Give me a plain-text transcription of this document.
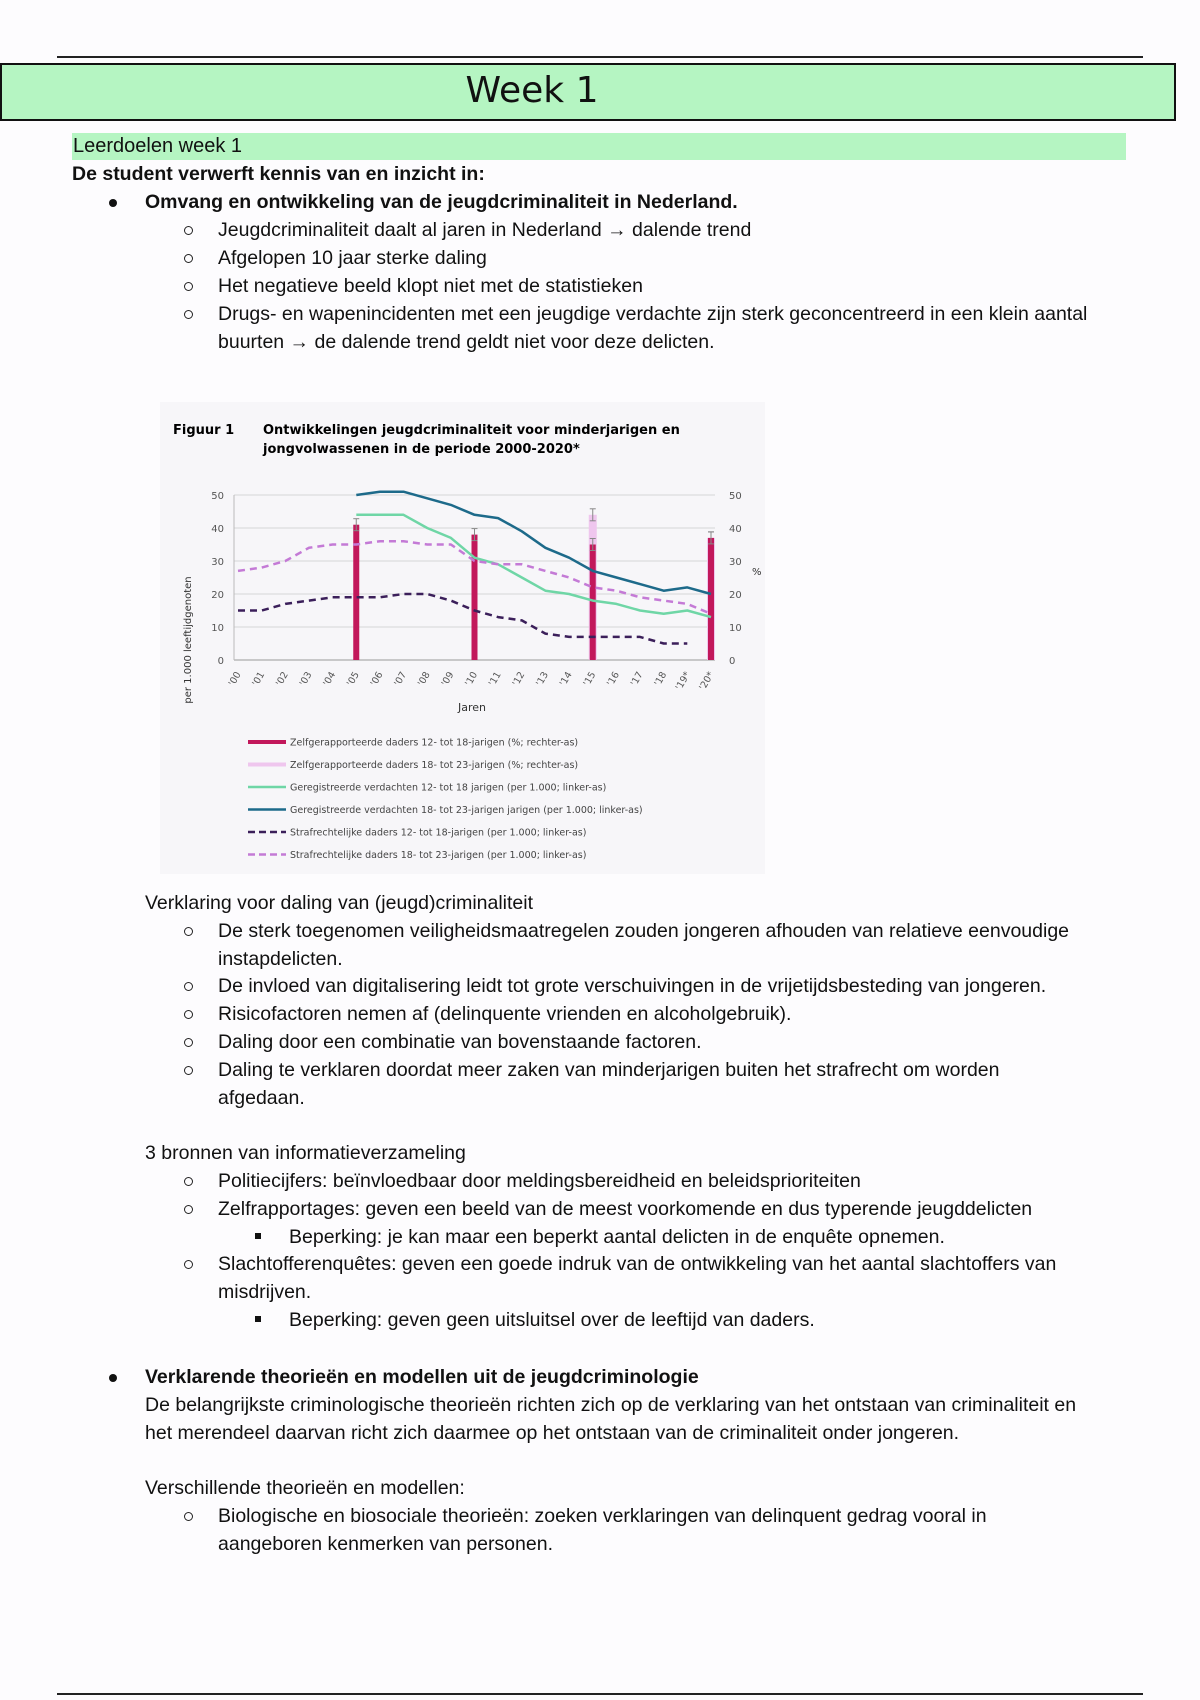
Week 1
Leerdoelen week 1
De student verwerft kennis van en inzicht in:
Omvang en ontwikkeling van de jeugdcriminaliteit in Nederland.
Jeugdcriminaliteit daalt al jaren in Nederland → dalende trend
Afgelopen 10 jaar sterke daling
Het negatieve beeld klopt niet met de statistieken
Drugs- en wapenincidenten met een jeugdige verdachte zijn sterk geconcentreerd in een klein aantal
buurten → de dalende trend geldt niet voor deze delicten.
Figuur 1 Ontwikkelingen jeugdcriminaliteit voor minderjarigen en
jongvolwassenen in de periode 2000-2020*
0
10
20
30
40
50
0
10
20
30
40
50
'00 '01 '02 '03 '04 '05 '06 '07 '08 '09 '10 '11 '12 '13 '14 '15 '16 '17 '18 '19* '20*
per 1.000 leeftijdgenoten
%
Jaren
Zelfgerapporteerde daders 12- tot 18-jarigen (%; rechter-as)
Zelfgerapporteerde daders 18- tot 23-jarigen (%; rechter-as)
Geregistreerde verdachten 12- tot 18 jarigen (per 1.000; linker-as)
Geregistreerde verdachten 18- tot 23-jarigen jarigen (per 1.000; linker-as)
Strafrechtelijke daders 12- tot 18-jarigen (per 1.000; linker-as)
Strafrechtelijke daders 18- tot 23-jarigen (per 1.000; linker-as)
Verklaring voor daling van (jeugd)criminaliteit
De sterk toegenomen veiligheidsmaatregelen zouden jongeren afhouden van relatieve eenvoudige
instapdelicten.
De invloed van digitalisering leidt tot grote verschuivingen in de vrijetijdsbesteding van jongeren.
Risicofactoren nemen af (delinquente vrienden en alcoholgebruik).
Daling door een combinatie van bovenstaande factoren.
Daling te verklaren doordat meer zaken van minderjarigen buiten het strafrecht om worden
afgedaan.
3 bronnen van informatieverzameling
Politiecijfers: beïnvloedbaar door meldingsbereidheid en beleidsprioriteiten
Zelfrapportages: geven een beeld van de meest voorkomende en dus typerende jeugddelicten
Beperking: je kan maar een beperkt aantal delicten in de enquête opnemen.
Slachtofferenquêtes: geven een goede indruk van de ontwikkeling van het aantal slachtoffers van
misdrijven.
Beperking: geven geen uitsluitsel over de leeftijd van daders.
Verklarende theorieën en modellen uit de jeugdcriminologie
De belangrijkste criminologische theorieën richten zich op de verklaring van het ontstaan van criminaliteit en
het merendeel daarvan richt zich daarmee op het ontstaan van de criminaliteit onder jongeren.
Verschillende theorieën en modellen:
Biologische en biosociale theorieën: zoeken verklaringen van delinquent gedrag vooral in
aangeboren kenmerken van personen.
